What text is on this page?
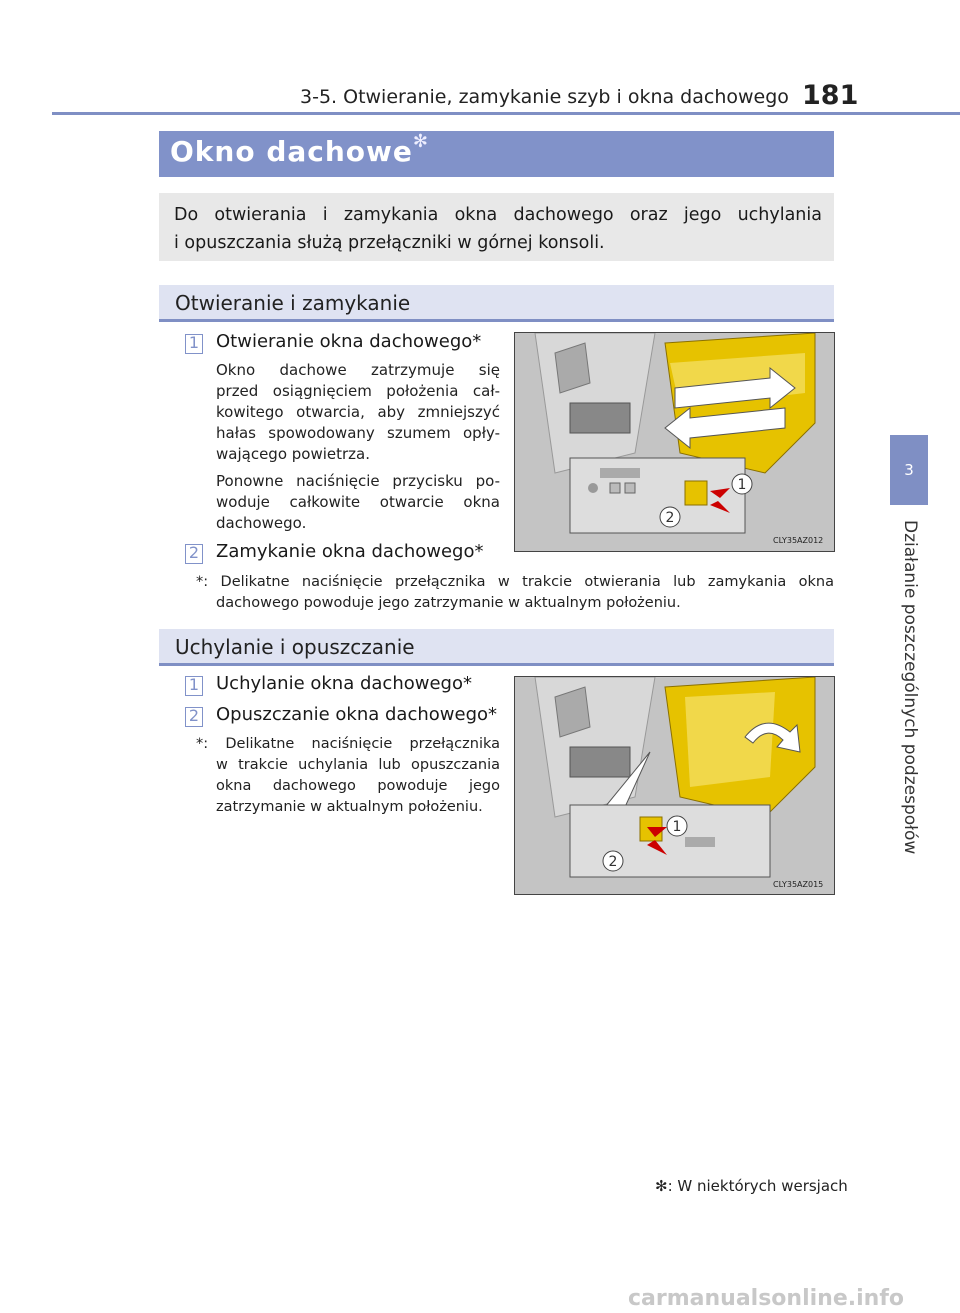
3-5. Otwieranie, zamykanie szyb i okna dachowego 181
3
Działanie poszczególnych podzespołów
Okno dachowe✻
Do otwierania i zamykania okna dachowego oraz jego uchylania
i opuszczania służą przełączniki w górnej konsoli.
Otwieranie i zamykanie
1 Otwieranie okna dachowego*
Okno dachowe zatrzymuje się
przed osiągnięciem położenia cał-
kowitego otwarcia, aby zmniejszyć
hałas spowodowany szumem opły-
wającego powietrza.
Ponowne naciśnięcie przycisku po-
woduje całkowite otwarcie okna
dachowego.
2 Zamykanie okna dachowego*
*: Delikatne naciśnięcie przełącznika w trakcie otwierania lub zamykania okna
dachowego powoduje jego zatrzymanie w aktualnym położeniu.
1
2
CLY35AZ012
Uchylanie i opuszczanie
1 Uchylanie okna dachowego*
2 Opuszczanie okna dachowego*
*: Delikatne naciśnięcie przełącznika
w trakcie uchylania lub opuszczania
okna dachowego powoduje jego
zatrzymanie w aktualnym położeniu.
1
2
CLY35AZ015
✻: W niektórych wersjach
carmanualsonline.info
